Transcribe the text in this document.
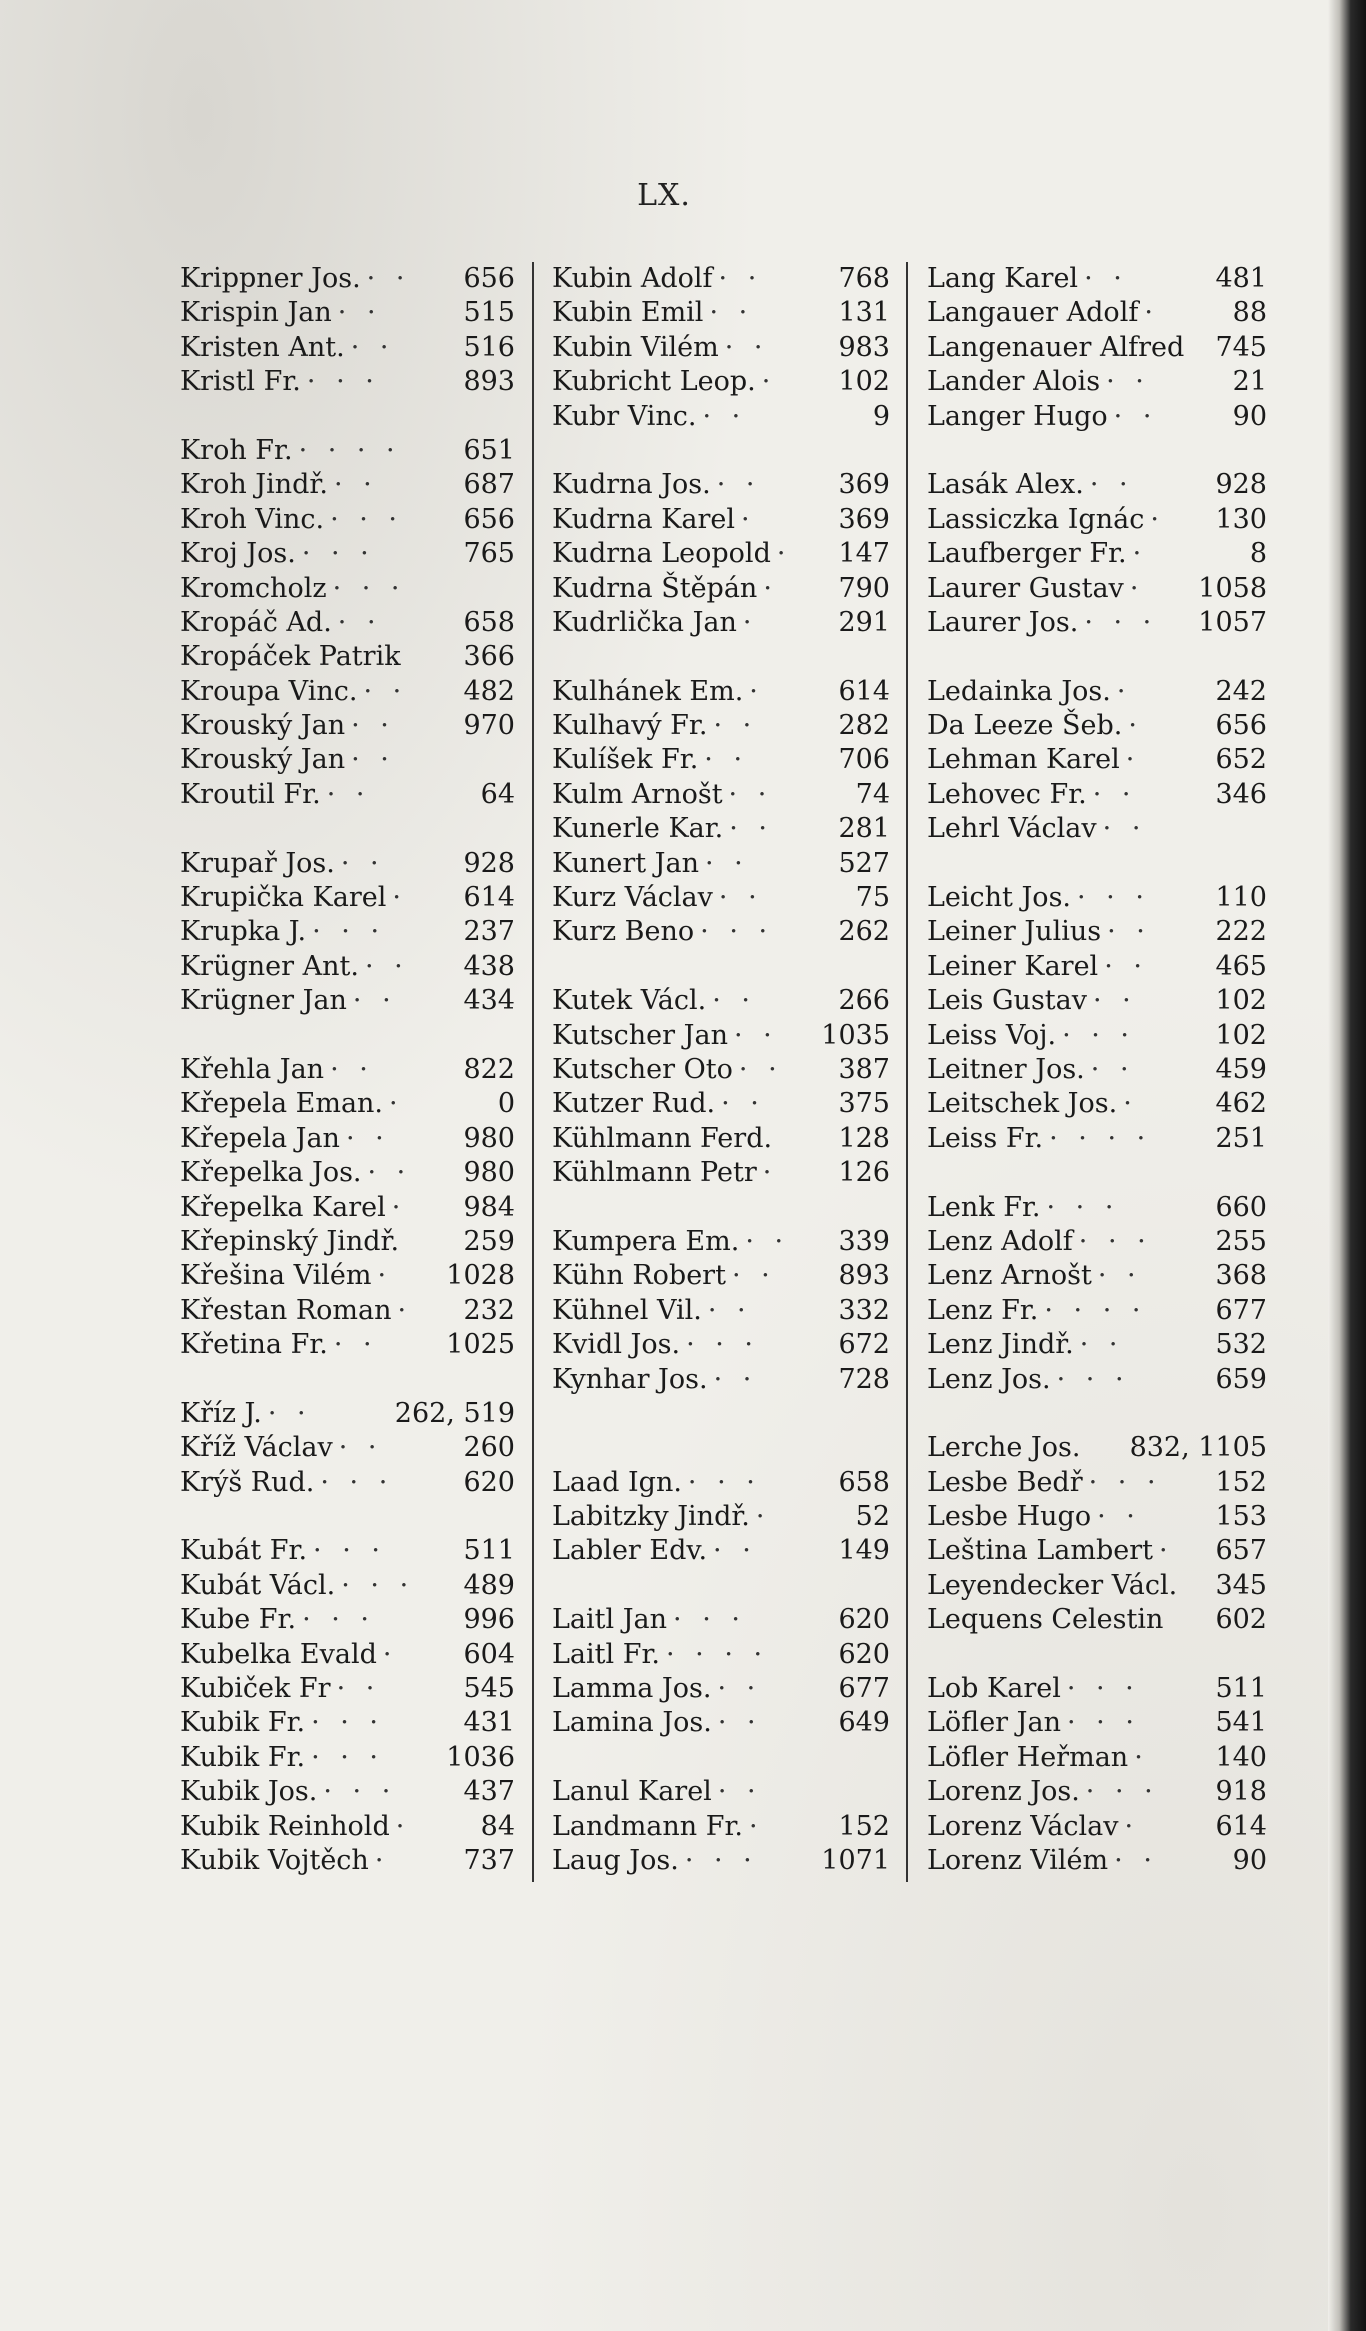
LX.
Krippner Jos. · ·	656
Krispin Jan · ·	515
Kristen Ant. · ·	516
Kristl Fr. · · ·	893
Kroh Fr. · · · ·	651
Kroh Jindř. · ·	687
Kroh Vinc. · · ·	656
Kroj Jos. · · ·	765
Kromcholz · · ·
Kropáč Ad. · ·	658
Kropáček Patrik 366
Kroupa Vinc. · ·	482
Krouský Jan · ·	970
Krouský Jan · ·
Kroutil Fr. · ·	64
Krupař Jos. · ·	928
Krupička Karel ·	614
Krupka J. · · ·	237
Krügner Ant. · ·	438
Krügner Jan · ·	434
Křehla Jan · ·	822
Křepela Eman. ·	0
Křepela Jan · ·	980
Křepelka Jos. · ·	980
Křepelka Karel ·	984
Křepinský Jindř. 259
Křešina Vilém ·	1028
Křestan Roman ·	232
Křetina Fr. · ·	1025
Kříz J. · ·	262, 519
Kříž Václav · ·	260
Krýš Rud. · · ·	620
Kubát Fr. · · ·	511
Kubát Václ. · · ·	489
Kube Fr. · · ·	996
Kubelka Evald ·	604
Kubiček Fr · ·	545
Kubik Fr. · · ·	431
Kubik Fr. · · ·	1036
Kubik Jos. · · ·	437
Kubik Reinhold ·	84
Kubik Vojtěch ·	737
Kubin Adolf · ·	768
Kubin Emil · ·	131
Kubin Vilém · ·	983
Kubricht Leop. ·	102
Kubr Vinc. · ·	9
Kudrna Jos. · ·	369
Kudrna Karel ·	369
Kudrna Leopold ·	147
Kudrna Štěpán ·	790
Kudrlička Jan ·	291
Kulhánek Em. ·	614
Kulhavý Fr. · ·	282
Kulíšek Fr. · ·	706
Kulm Arnošt · ·	74
Kunerle Kar. · ·	281
Kunert Jan · ·	527
Kurz Václav · ·	75
Kurz Beno · · ·	262
Kutek Václ. · ·	266
Kutscher Jan · ·	1035
Kutscher Oto · ·	387
Kutzer Rud. · ·	375
Kühlmann Ferd. 128
Kühlmann Petr ·	126
Kumpera Em. · ·	339
Kühn Robert · ·	893
Kühnel Vil. · ·	332
Kvidl Jos. · · ·	672
Kynhar Jos. · ·	728
Laad Ign. · · ·	658
Labitzky Jindř. ·	52
Labler Edv. · ·	149
Laitl Jan · · ·	620
Laitl Fr. · · · ·	620
Lamma Jos. · ·	677
Lamina Jos. · ·	649
Lanul Karel · ·
Landmann Fr. ·	152
Laug Jos. · · ·	1071
Lang Karel · ·	481
Langauer Adolf ·	88
Langenauer Alfred 745
Lander Alois · ·	21
Langer Hugo · ·	90
Lasák Alex. · ·	928
Lassiczka Ignác ·	130
Laufberger Fr. ·	8
Laurer Gustav ·	1058
Laurer Jos. · · ·	1057
Ledainka Jos. ·	242
Da Leeze Šeb. ·	656
Lehman Karel ·	652
Lehovec Fr. · ·	346
Lehrl Václav · ·
Leicht Jos. · · ·	110
Leiner Julius · ·	222
Leiner Karel · ·	465
Leis Gustav · ·	102
Leiss Voj. · · ·	102
Leitner Jos. · ·	459
Leitschek Jos. ·	462
Leiss Fr. · · · ·	251
Lenk Fr. · · ·	660
Lenz Adolf · · ·	255
Lenz Arnošt · ·	368
Lenz Fr. · · · ·	677
Lenz Jindř. · ·	532
Lenz Jos. · · ·	659
Lerche Jos. 832, 1105
Lesbe Bedř · · ·	152
Lesbe Hugo · ·	153
Leština Lambert ·	657
Leyendecker Václ. 345
Lequens Celestin 602
Lob Karel · · ·	511
Löfler Jan · · ·	541
Löfler Heřman ·	140
Lorenz Jos. · · ·	918
Lorenz Václav ·	614
Lorenz Vilém · ·	90
